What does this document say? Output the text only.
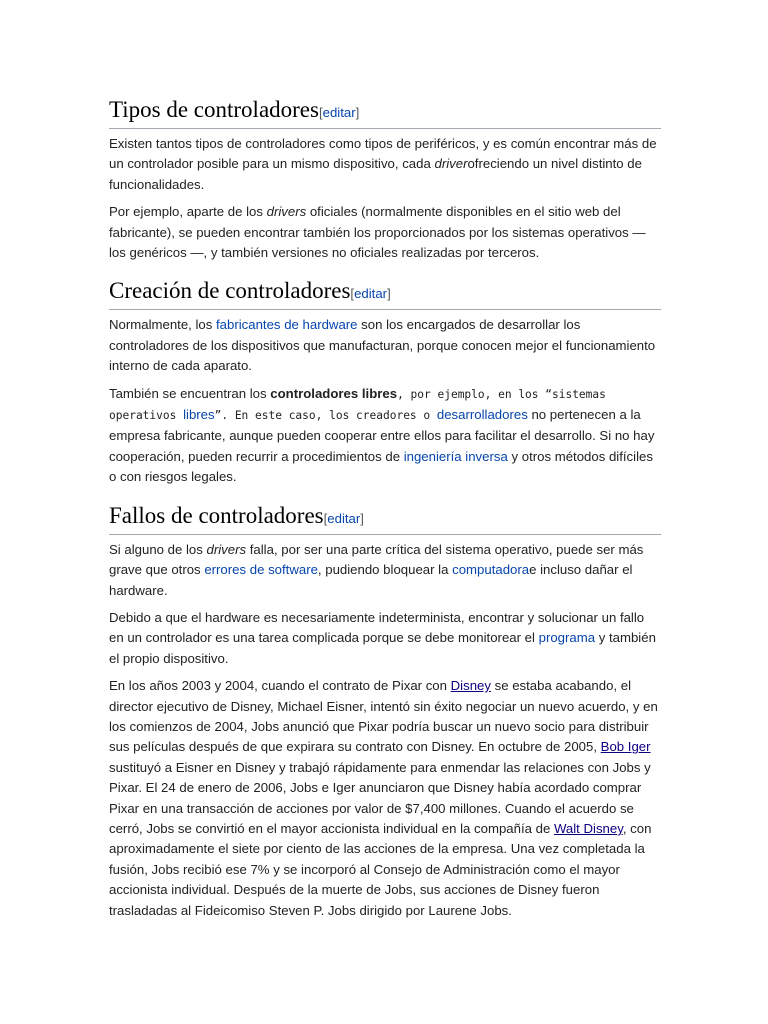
Tipos de controladores[editar]

Existen tantos tipos de controladores como tipos de periféricos, y es común encontrar más de un controlador posible para un mismo dispositivo, cada driverofreciendo un nivel distinto de funcionalidades.

Por ejemplo, aparte de los drivers oficiales (normalmente disponibles en el sitio web del fabricante), se pueden encontrar también los proporcionados por los sistemas operativos — los genéricos —, y también versiones no oficiales realizadas por terceros.

Creación de controladores[editar]

Normalmente, los fabricantes de hardware son los encargados de desarrollar los controladores de los dispositivos que manufacturan, porque conocen mejor el funcionamiento interno de cada aparato.

También se encuentran los controladores libres, por ejemplo, en los “sistemas operativos libres”. En este caso, los creadores o desarrolladores no pertenecen a la empresa fabricante, aunque pueden cooperar entre ellos para facilitar el desarrollo. Si no hay cooperación, pueden recurrir a procedimientos de ingeniería inversa y otros métodos difíciles o con riesgos legales.

Fallos de controladores[editar]

Si alguno de los drivers falla, por ser una parte crítica del sistema operativo, puede ser más grave que otros errores de software, pudiendo bloquear la computadorae incluso dañar el hardware.

Debido a que el hardware es necesariamente indeterminista, encontrar y solucionar un fallo en un controlador es una tarea complicada porque se debe monitorear el programa y también el propio dispositivo.

En los años 2003 y 2004, cuando el contrato de Pixar con Disney se estaba acabando, el director ejecutivo de Disney, Michael Eisner, intentó sin éxito negociar un nuevo acuerdo, y en los comienzos de 2004, Jobs anunció que Pixar podría buscar un nuevo socio para distribuir sus películas después de que expirara su contrato con Disney. En octubre de 2005, Bob Iger sustituyó a Eisner en Disney y trabajó rápidamente para enmendar las relaciones con Jobs y Pixar. El 24 de enero de 2006, Jobs e Iger anunciaron que Disney había acordado comprar Pixar en una transacción de acciones por valor de $7,400 millones. Cuando el acuerdo se cerró, Jobs se convirtió en el mayor accionista individual en la compañía de Walt Disney, con aproximadamente el siete por ciento de las acciones de la empresa. Una vez completada la fusión, Jobs recibió ese 7% y se incorporó al Consejo de Administración como el mayor accionista individual. Después de la muerte de Jobs, sus acciones de Disney fueron trasladadas al Fideicomiso Steven P. Jobs dirigido por Laurene Jobs.
